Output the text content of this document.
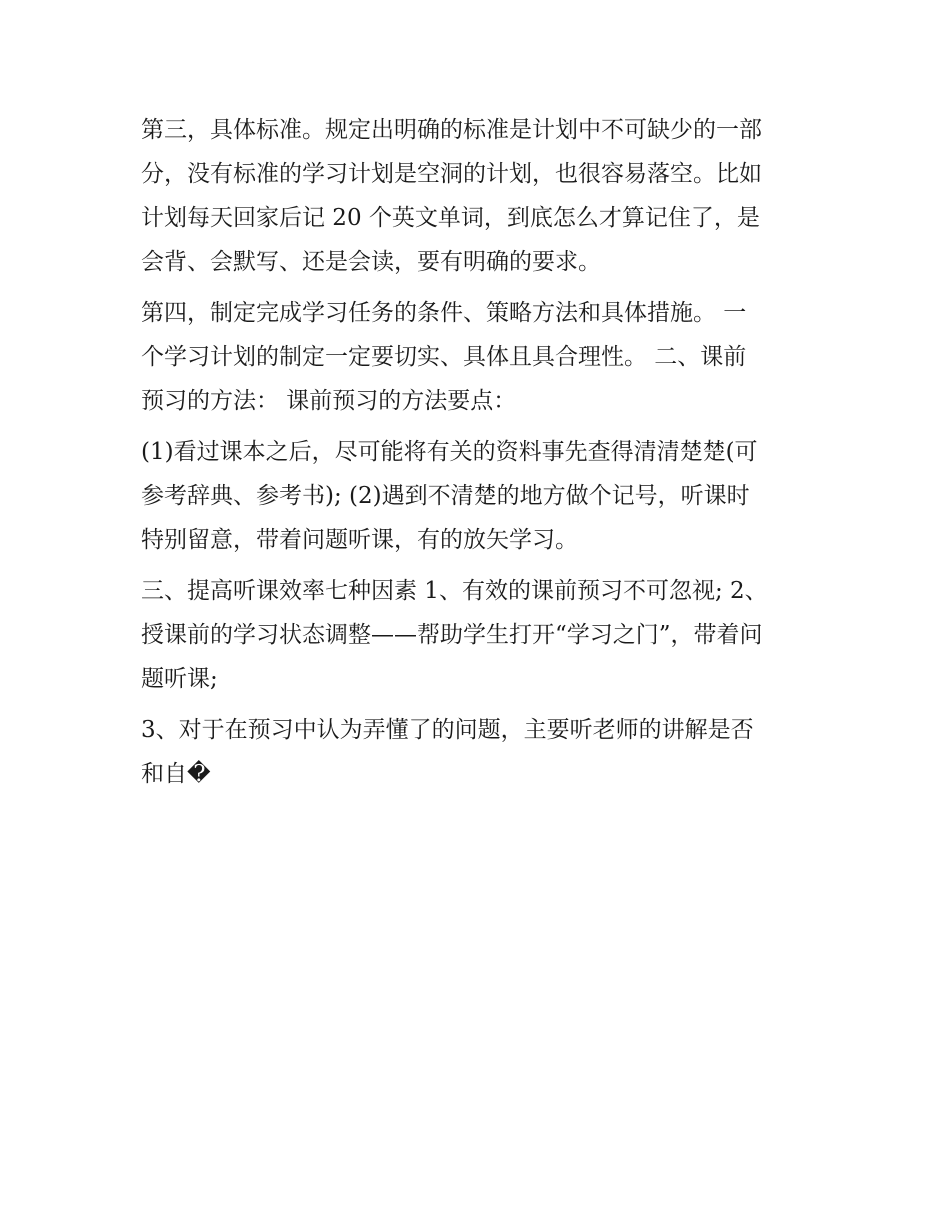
第三，具体标准。规定出明确的标准是计划中不可缺少的一部
分，没有标准的学习计划是空洞的计划，也很容易落空。比如
计划每天回家后记 20 个英文单词，到底怎么才算记住了，是
会背、会默写、还是会读，要有明确的要求。

第四，制定完成学习任务的条件、策略方法和具体措施。 一
个学习计划的制定一定要切实、具体且具合理性。 二、课前
预习的方法： 课前预习的方法要点：

(1)看过课本之后，尽可能将有关的资料事先查得清清楚楚(可
参考辞典、参考书); (2)遇到不清楚的地方做个记号，听课时
特别留意，带着问题听课，有的放矢学习。

三、提高听课效率七种因素 1、有效的课前预习不可忽视; 2、
授课前的学习状态调整——帮助学生打开“学习之门”，带着问
题听课;

3、对于在预习中认为弄懂了的问题，主要听老师的讲解是否
和自�
